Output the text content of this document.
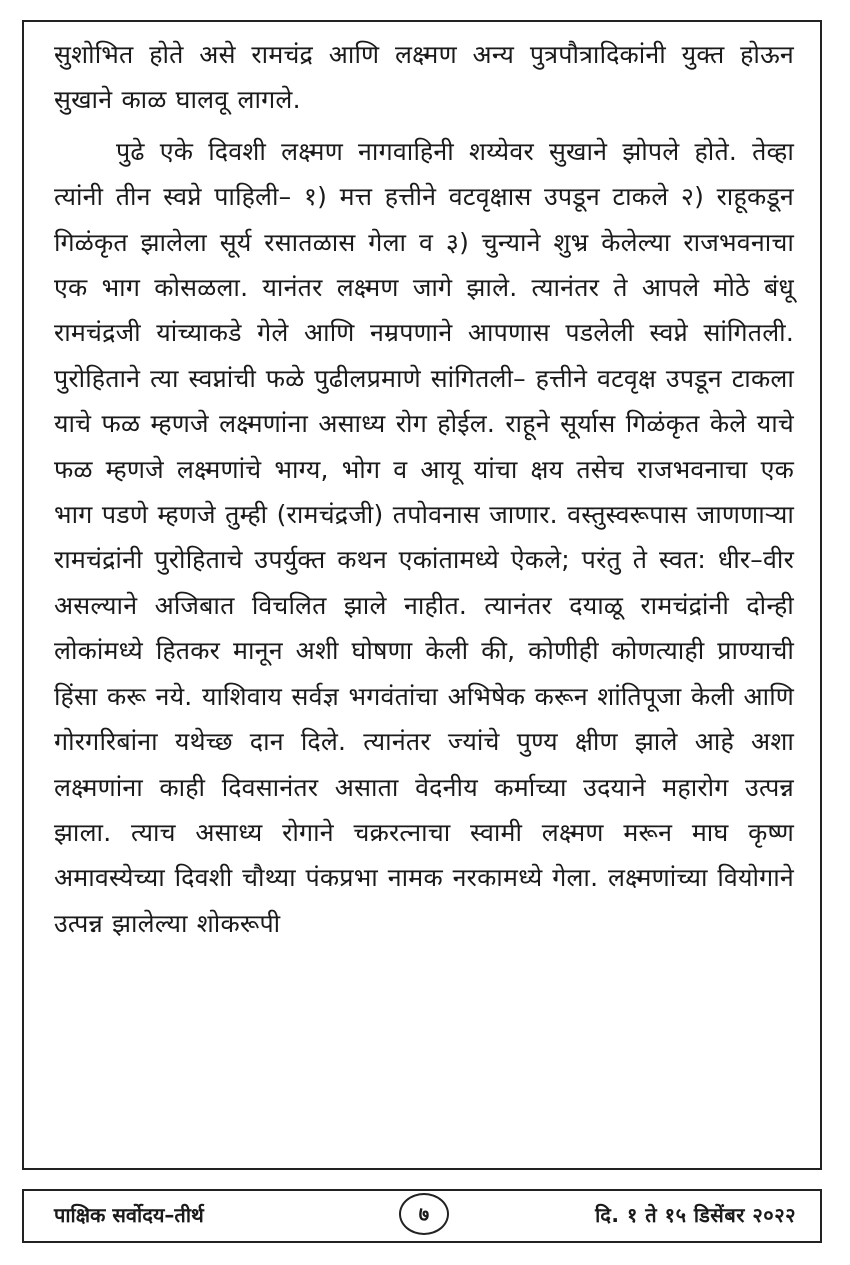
सुशोभित होते असे रामचंद्र आणि लक्ष्मण अन्य पुत्रपौत्रादिकांनी युक्त होऊन सुखाने काळ घालवू लागले.

पुढे एके दिवशी लक्ष्मण नागवाहिनी शय्येवर सुखाने झोपले होते. तेव्हा त्यांनी तीन स्वप्ने पाहिली– १) मत्त हत्तीने वटवृक्षास उपडून टाकले २) राहूकडून गिळंकृत झालेला सूर्य रसातळास गेला व ३) चुन्याने शुभ्र केलेल्या राजभवनाचा एक भाग कोसळला. यानंतर लक्ष्मण जागे झाले. त्यानंतर ते आपले मोठे बंधू रामचंद्रजी यांच्याकडे गेले आणि नम्रपणाने आपणास पडलेली स्वप्ने सांगितली. पुरोहिताने त्या स्वप्नांची फळे पुढीलप्रमाणे सांगितली– हत्तीने वटवृक्ष उपडून टाकला याचे फळ म्हणजे लक्ष्मणांना असाध्य रोग होईल. राहूने सूर्यास गिळंकृत केले याचे फळ म्हणजे लक्ष्मणांचे भाग्य, भोग व आयू यांचा क्षय तसेच राजभवनाचा एक भाग पडणे म्हणजे तुम्ही (रामचंद्रजी) तपोवनास जाणार. वस्तुस्वरूपास जाणणाऱ्या रामचंद्रांनी पुरोहिताचे उपर्युक्त कथन एकांतामध्ये ऐकले; परंतु ते स्वत: धीर–वीर असल्याने अजिबात विचलित झाले नाहीत. त्यानंतर दयाळू रामचंद्रांनी दोन्ही लोकांमध्ये हितकर मानून अशी घोषणा केली की, कोणीही कोणत्याही प्राण्याची हिंसा करू नये. याशिवाय सर्वज्ञ भगवंतांचा अभिषेक करून शांतिपूजा केली आणि गोरगरिबांना यथेच्छ दान दिले. त्यानंतर ज्यांचे पुण्य क्षीण झाले आहे अशा लक्ष्मणांना काही दिवसानंतर असाता वेदनीय कर्माच्या उदयाने महारोग उत्पन्न झाला. त्याच असाध्य रोगाने चक्ररत्नाचा स्वामी लक्ष्मण मरून माघ कृष्ण अमावस्येच्या दिवशी चौथ्या पंकप्रभा नामक नरकामध्ये गेला. लक्ष्मणांच्या वियोगाने उत्पन्न झालेल्या शोकरूपी

पाक्षिक सर्वोदय–तीर्थ	७	दि. १ ते १५ डिसेंबर २०२२
